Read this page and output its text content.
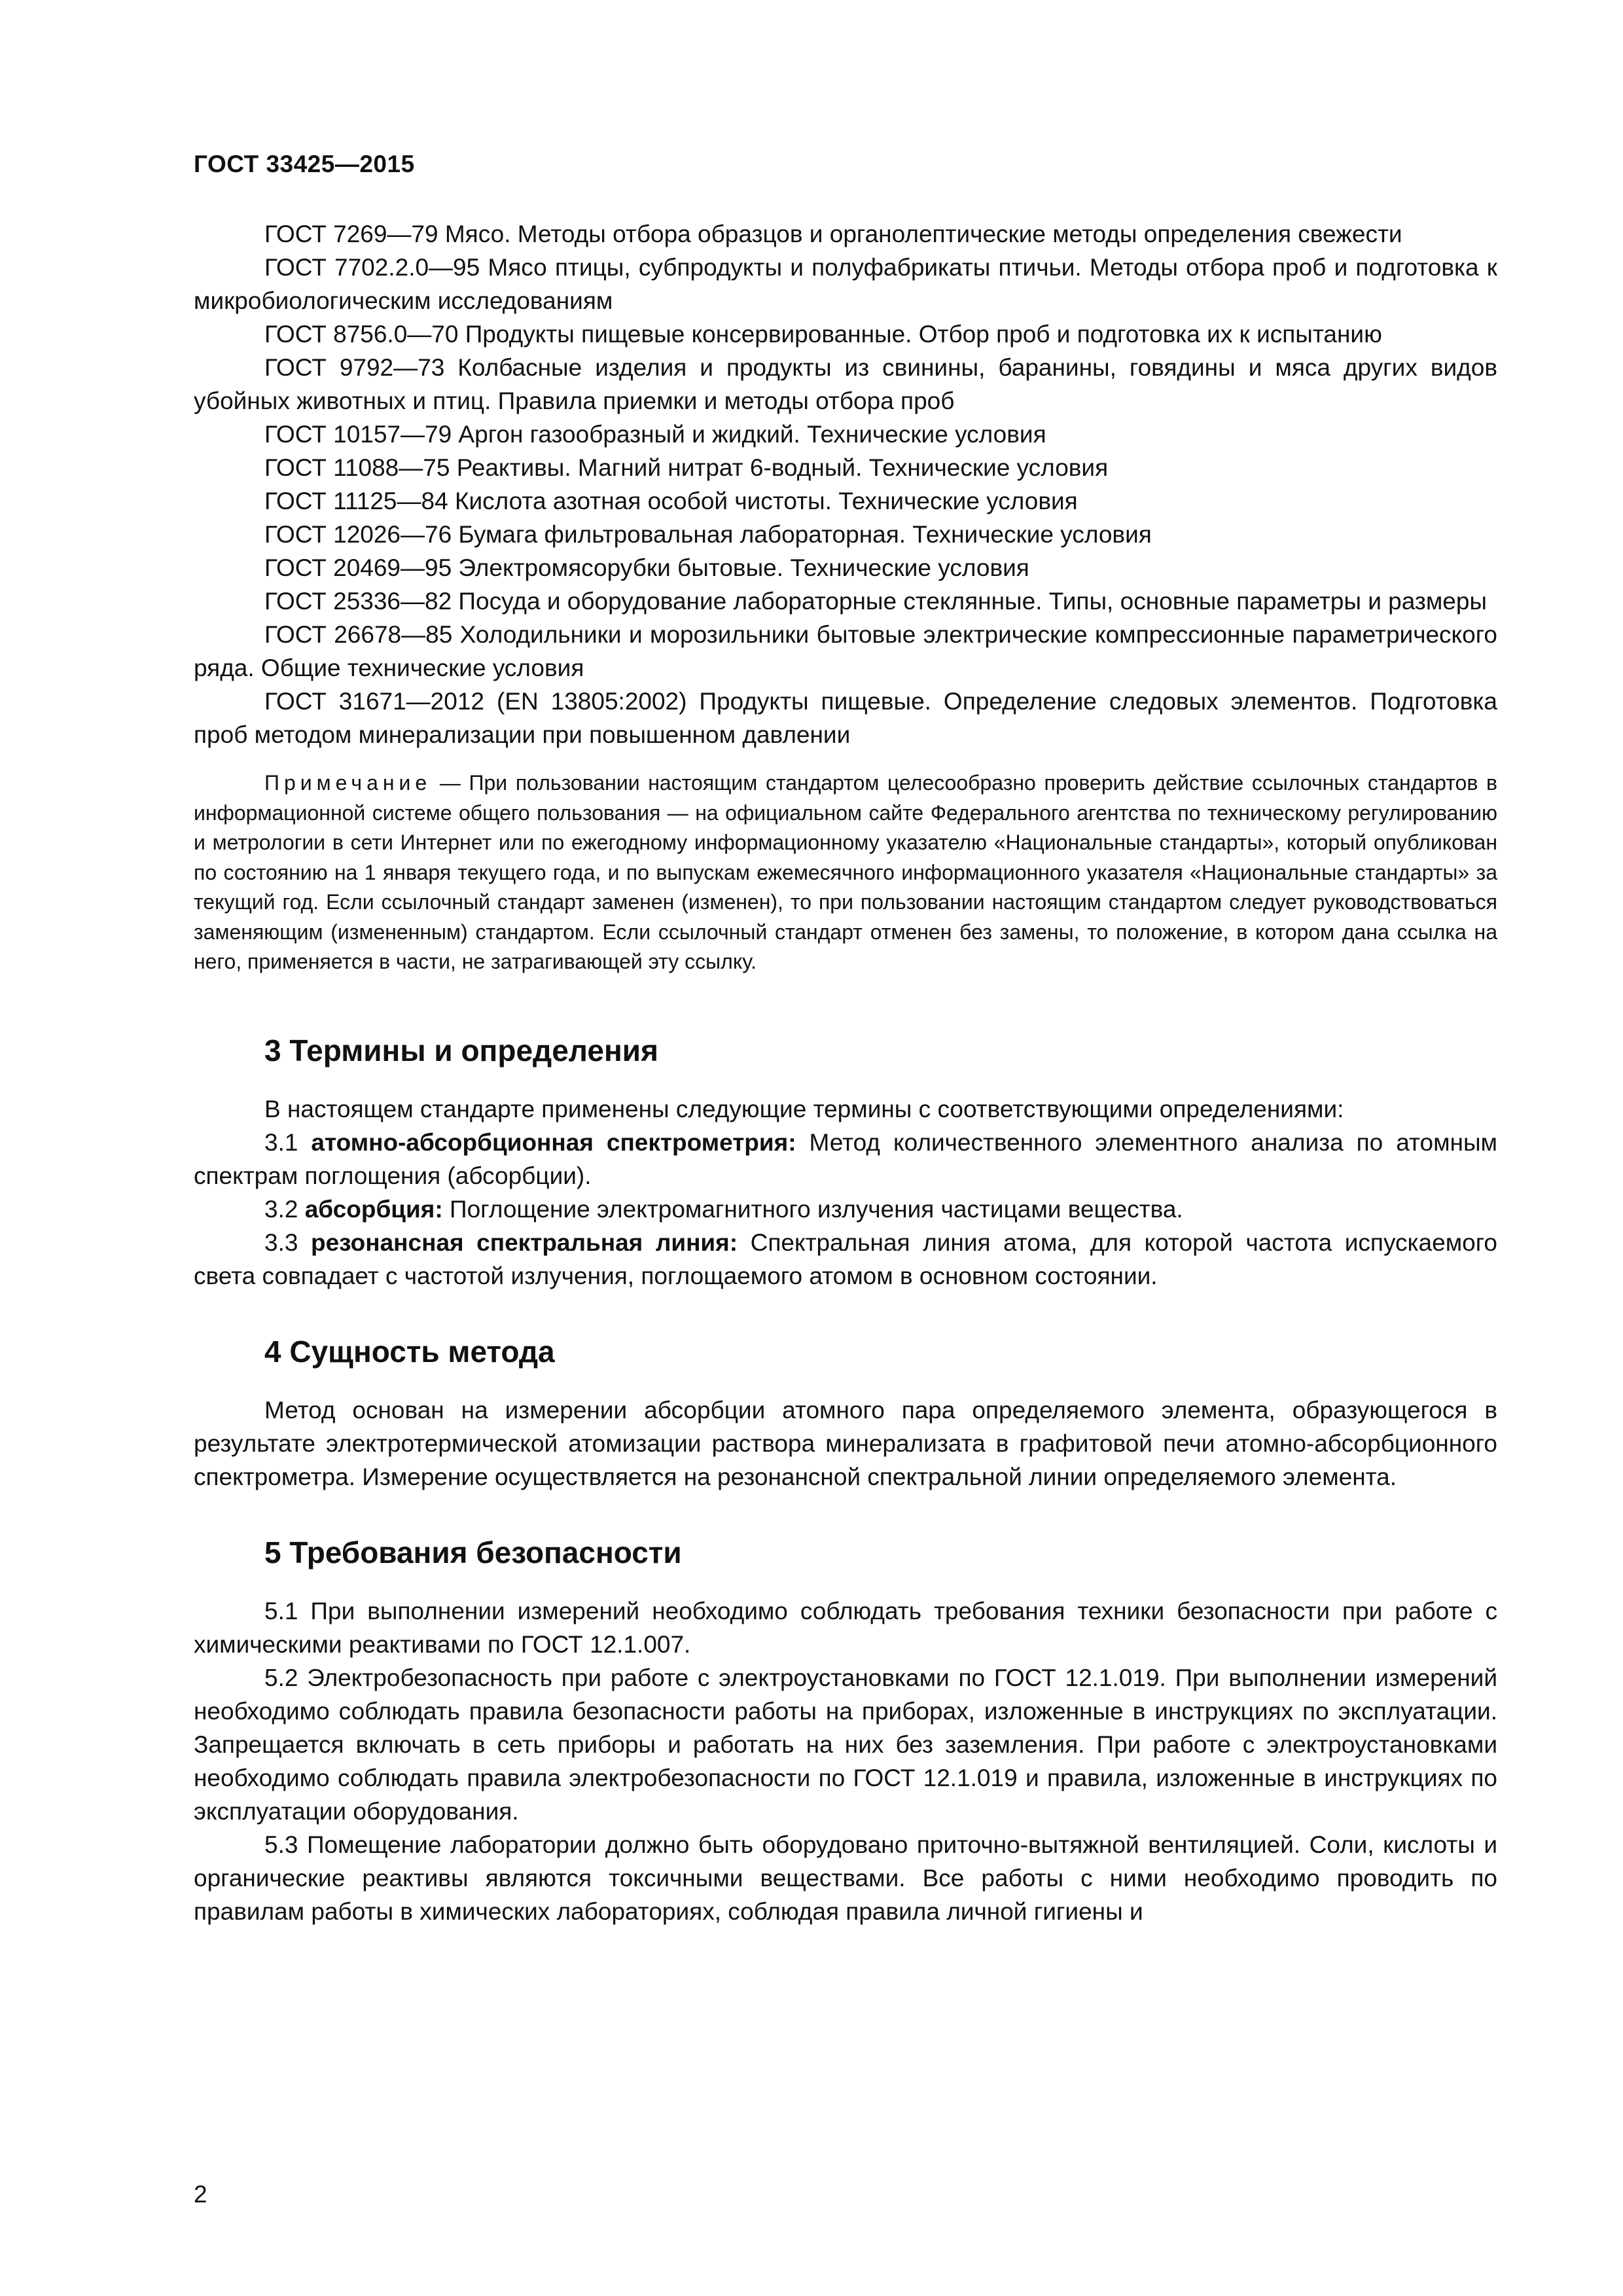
ГОСТ 33425—2015

ГОСТ 7269—79 Мясо. Методы отбора образцов и органолептические методы определения свежести

ГОСТ 7702.2.0—95 Мясо птицы, субпродукты и полуфабрикаты птичьи. Методы отбора проб и подготовка к микробиологическим исследованиям

ГОСТ 8756.0—70 Продукты пищевые консервированные. Отбор проб и подготовка их к испытанию

ГОСТ 9792—73 Колбасные изделия и продукты из свинины, баранины, говядины и мяса других видов убойных животных и птиц. Правила приемки и методы отбора проб

ГОСТ 10157—79 Аргон газообразный и жидкий. Технические условия

ГОСТ 11088—75 Реактивы. Магний нитрат 6-водный. Технические условия

ГОСТ 11125—84 Кислота азотная особой чистоты. Технические условия

ГОСТ 12026—76 Бумага фильтровальная лабораторная. Технические условия

ГОСТ 20469—95 Электромясорубки бытовые. Технические условия

ГОСТ 25336—82 Посуда и оборудование лабораторные стеклянные. Типы, основные параметры и размеры

ГОСТ 26678—85 Холодильники и морозильники бытовые электрические компрессионные параметрического ряда. Общие технические условия

ГОСТ 31671—2012 (EN 13805:2002) Продукты пищевые. Определение следовых элементов. Подготовка проб методом минерализации при повышенном давлении

Примечание — При пользовании настоящим стандартом целесообразно проверить действие ссылочных стандартов в информационной системе общего пользования — на официальном сайте Федерального агентства по техническому регулированию и метрологии в сети Интернет или по ежегодному информационному указателю «Национальные стандарты», который опубликован по состоянию на 1 января текущего года, и по выпускам ежемесячного информационного указателя «Национальные стандарты» за текущий год. Если ссылочный стандарт заменен (изменен), то при пользовании настоящим стандартом следует руководствоваться заменяющим (измененным) стандартом. Если ссылочный стандарт отменен без замены, то положение, в котором дана ссылка на него, применяется в части, не затрагивающей эту ссылку.

3 Термины и определения

В настоящем стандарте применены следующие термины с соответствующими определениями:

3.1 атомно-абсорбционная спектрометрия: Метод количественного элементного анализа по атомным спектрам поглощения (абсорбции).

3.2 абсорбция: Поглощение электромагнитного излучения частицами вещества.

3.3 резонансная спектральная линия: Спектральная линия атома, для которой частота испускаемого света совпадает с частотой излучения, поглощаемого атомом в основном состоянии.

4 Сущность метода

Метод основан на измерении абсорбции атомного пара определяемого элемента, образующегося в результате электротермической атомизации раствора минерализата в графитовой печи атомно-абсорбционного спектрометра. Измерение осуществляется на резонансной спектральной линии определяемого элемента.

5 Требования безопасности

5.1 При выполнении измерений необходимо соблюдать требования техники безопасности при работе с химическими реактивами по ГОСТ 12.1.007.

5.2 Электробезопасность при работе с электроустановками по ГОСТ 12.1.019. При выполнении измерений необходимо соблюдать правила безопасности работы на приборах, изложенные в инструкциях по эксплуатации. Запрещается включать в сеть приборы и работать на них без заземления. При работе с электроустановками необходимо соблюдать правила электробезопасности по ГОСТ 12.1.019 и правила, изложенные в инструкциях по эксплуатации оборудования.

5.3 Помещение лаборатории должно быть оборудовано приточно-вытяжной вентиляцией. Соли, кислоты и органические реактивы являются токсичными веществами. Все работы с ними необходимо проводить по правилам работы в химических лабораториях, соблюдая правила личной гигиены и

2
